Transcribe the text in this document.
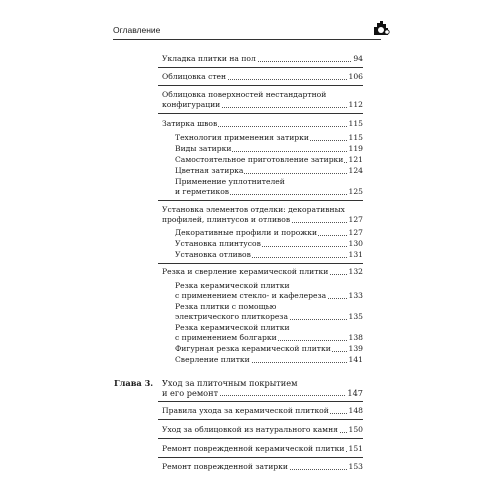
Оглавление
Укладка плитки на пол	94
Облицовка стен	106
Облицовка поверхностей нестандартной
конфигурации	112
Затирка швов	115
Технология применения затирки	115
Виды затирки	119
Самостоятельное приготовление затирки 121
Цветная затирка	124
Применение уплотнителей
и герметиков	125
Установка элементов отделки: декоративных
профилей, плинтусов и отливов	127
Декоративные профили и порожки	127
Установка плинтусов	130
Установка отливов	131
Резка и сверление керамической плитки	132
Резка керамической плитки
с применением стекло- и кафелереза	133
Резка плитки с помощью
электрического плиткореза	135
Резка керамической плитки
с применением болгарки	138
Фигурная резка керамической плитки 139
Сверление плитки	141
Глава 3. Уход за плиточным покрытием
и его ремонт	147
Правила ухода за керамической плиткой	148
Уход за облицовкой из натурального камня 150
Ремонт поврежденной керамической плитки 151
Ремонт поврежденной затирки	153
